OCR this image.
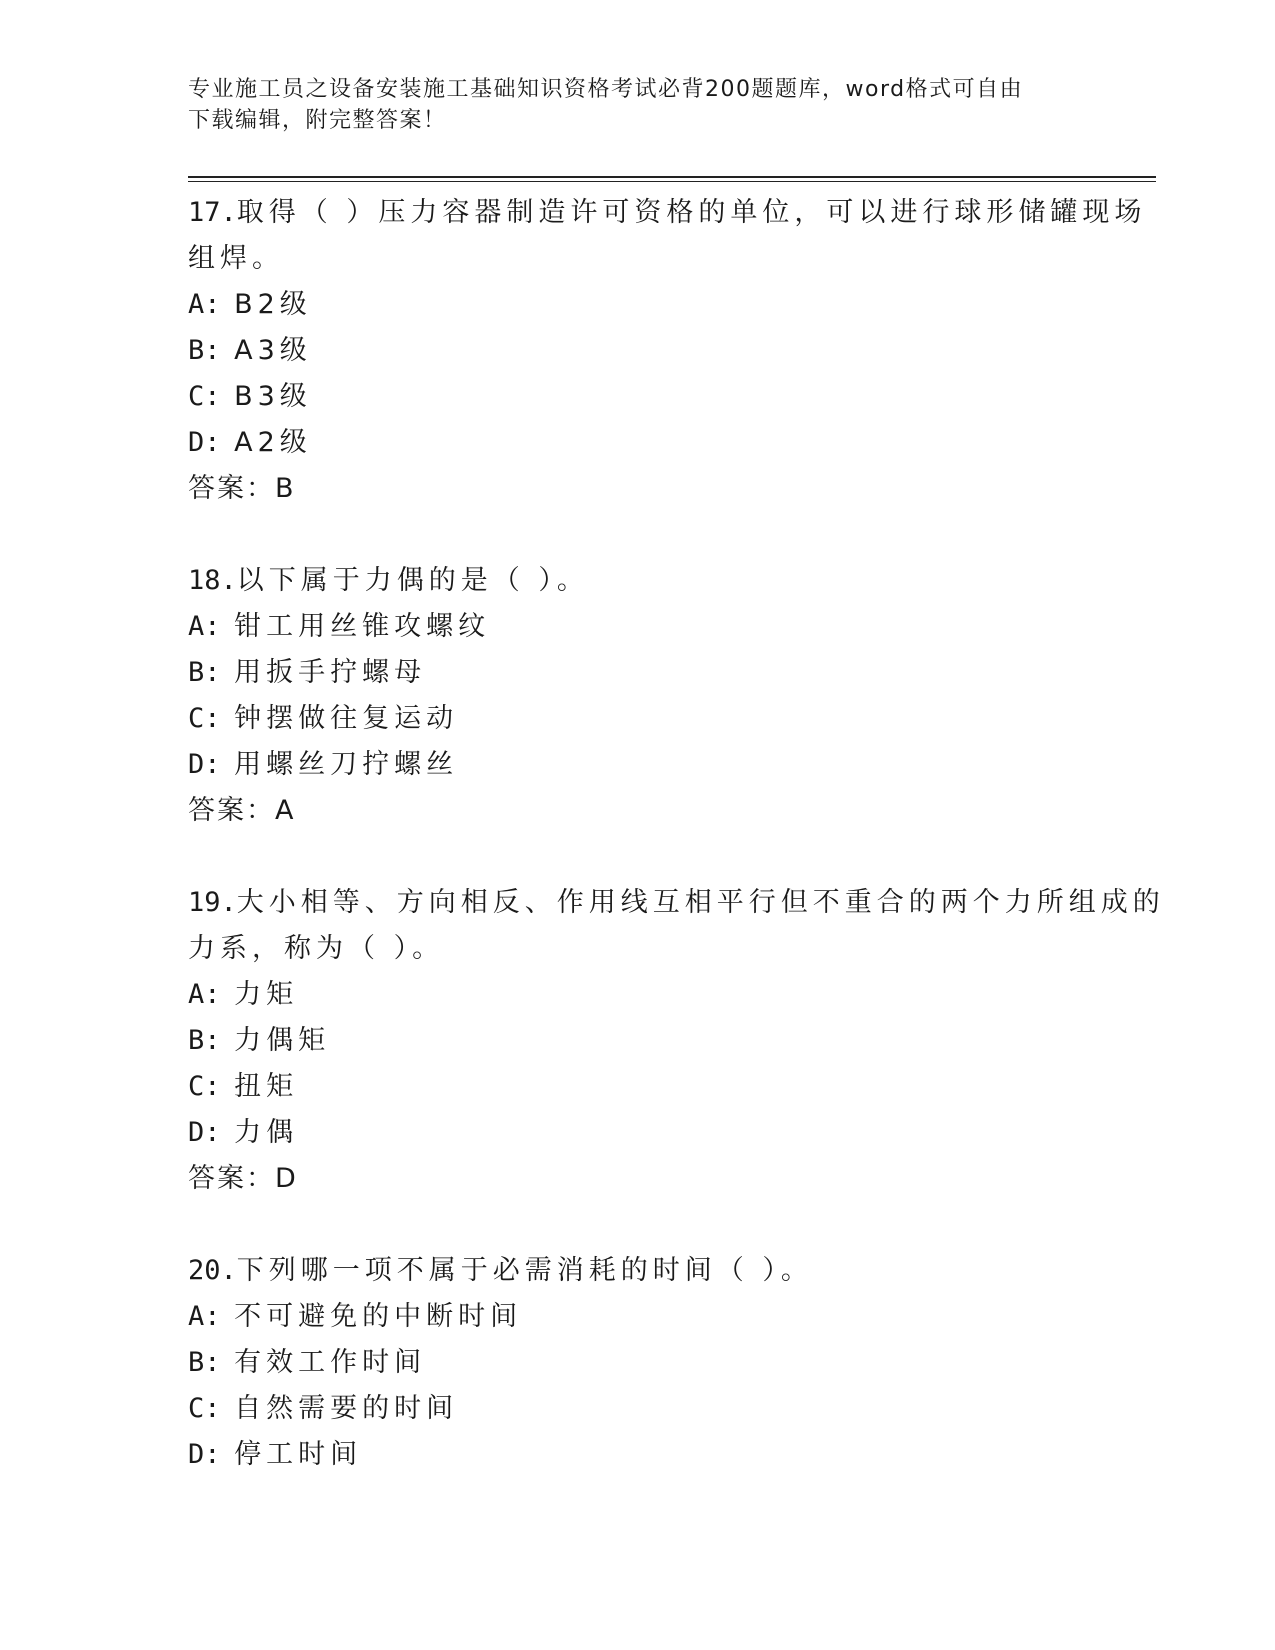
专业施工员之设备安装施工基础知识资格考试必背200题题库，word格式可自由
下载编辑，附完整答案！
17.取得（ ）压力容器制造许可资格的单位，可以进行球形储罐现场
组焊。
A: B2级
B: A3级
C: B3级
D: A2级
答案：B
18.以下属于力偶的是（ ）。
A: 钳工用丝锥攻螺纹
B: 用扳手拧螺母
C: 钟摆做往复运动
D: 用螺丝刀拧螺丝
答案：A
19.大小相等、方向相反、作用线互相平行但不重合的两个力所组成的
力系，称为（ ）。
A: 力矩
B: 力偶矩
C: 扭矩
D: 力偶
答案：D
20.下列哪一项不属于必需消耗的时间（ ）。
A: 不可避免的中断时间
B: 有效工作时间
C: 自然需要的时间
D: 停工时间
